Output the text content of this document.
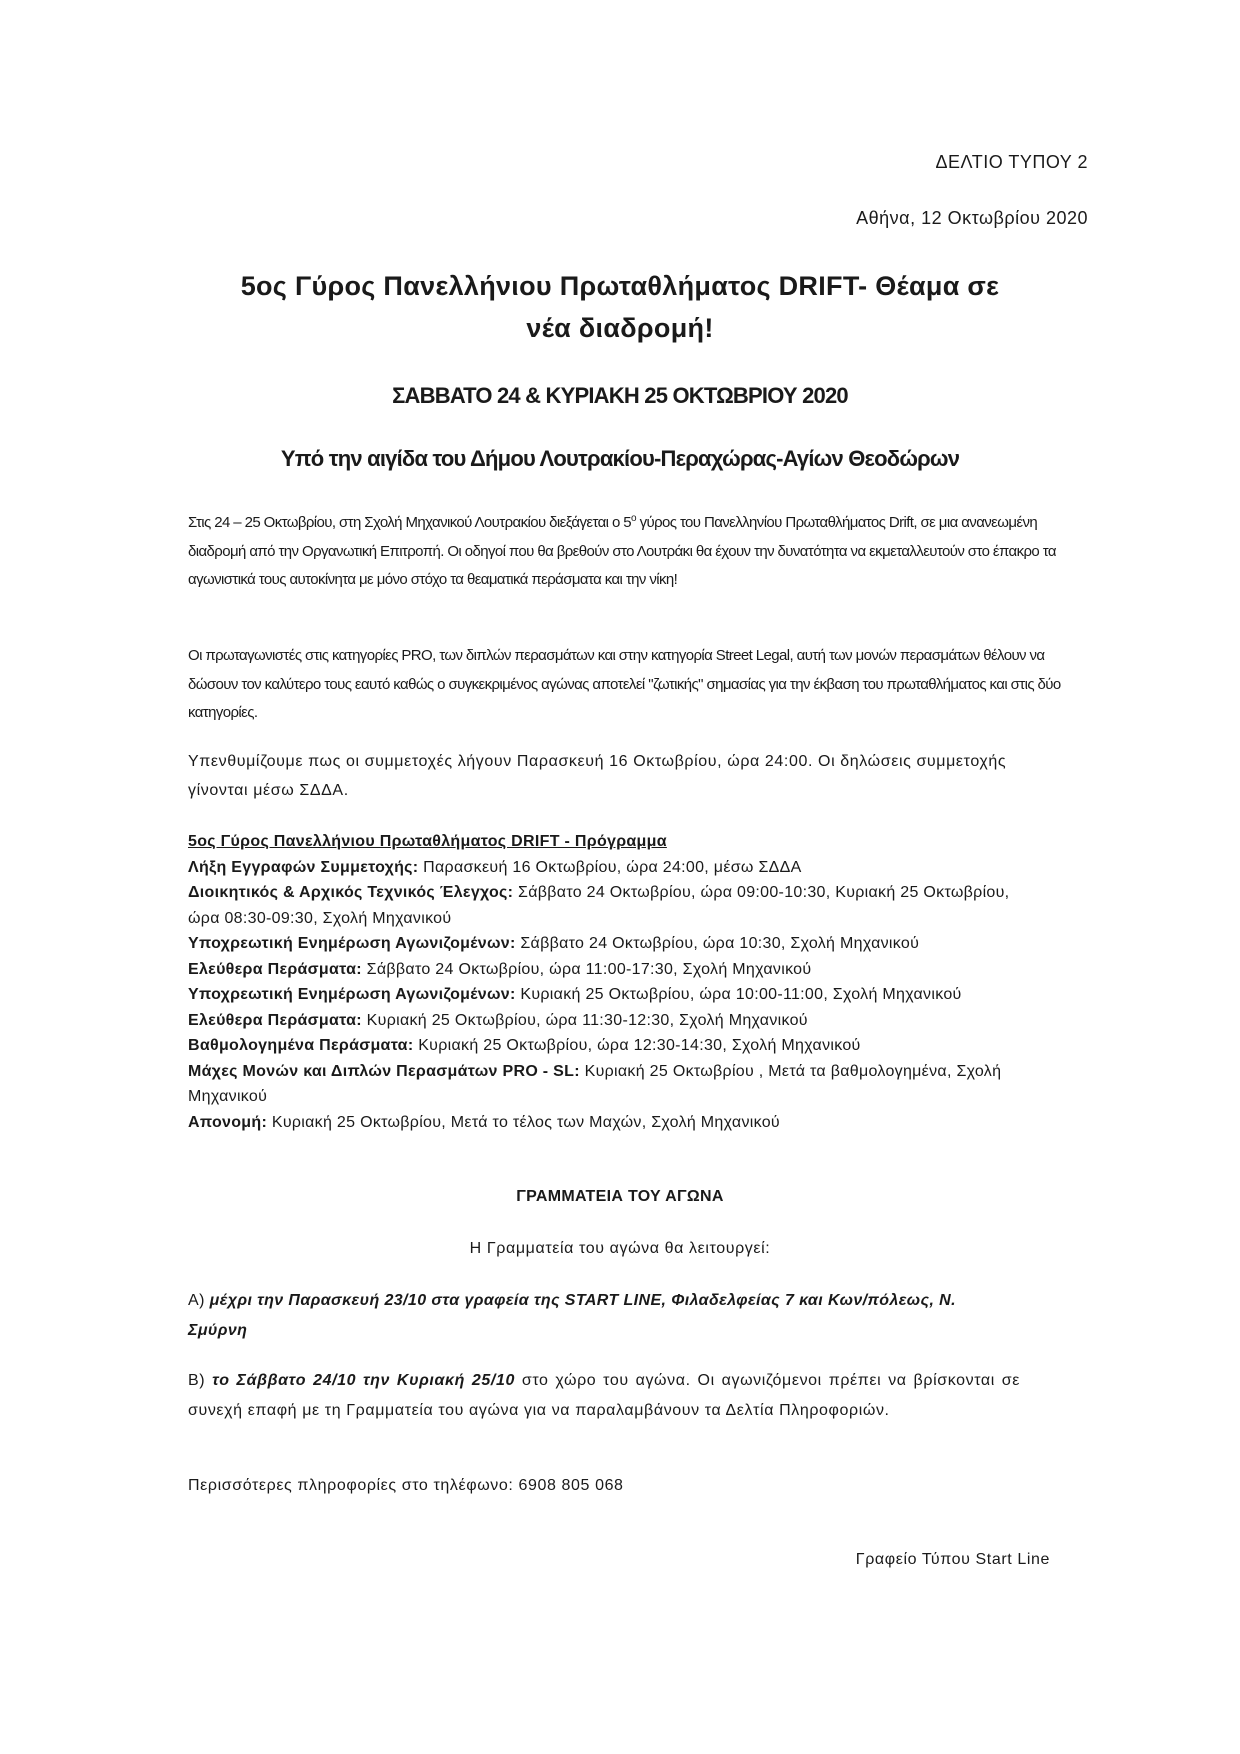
ΔΕΛΤΙΟ ΤΥΠΟΥ 2
Αθήνα, 12 Οκτωβρίου 2020
5ος Γύρος Πανελλήνιου Πρωταθλήματος DRIFT- Θέαμα σε
νέα διαδρομή!
ΣΑΒΒΑΤΟ 24 & ΚΥΡΙΑΚΗ 25 ΟΚΤΩΒΡΙΟΥ 2020
Υπό την αιγίδα του Δήμου Λουτρακίου-Περαχώρας-Αγίων Θεοδώρων
Στις 24 – 25 Οκτωβρίου, στη Σχολή Μηχανικού Λουτρακίου διεξάγεται ο $5^o$ γύρος του Πανελληνίου Πρωταθλήματος Drift, σε μια ανανεωμένη διαδρομή από την Οργανωτική Επιτροπή. Οι οδηγοί που θα βρεθούν στο Λουτράκι θα έχουν την δυνατότητα να εκμεταλλευτούν στο έπακρο τα αγωνιστικά τους αυτοκίνητα με μόνο στόχο τα θεαματικά περάσματα και την νίκη!
Οι πρωταγωνιστές στις κατηγορίες PRO, των διπλών περασμάτων και στην κατηγορία Street Legal, αυτή των μονών περασμάτων θέλουν να δώσουν τον καλύτερο τους εαυτό καθώς ο συγκεκριμένος αγώνας αποτελεί "ζωτικής" σημασίας για την έκβαση του πρωταθλήματος και στις δύο κατηγορίες.
Υπενθυμίζουμε πως οι συμμετοχές λήγουν Παρασκευή 16 Οκτωβρίου, ώρα 24:00. Οι δηλώσεις συμμετοχής γίνονται μέσω ΣΔΔΑ.
5ος Γύρος Πανελλήνιου Πρωταθλήματος DRIFT - Πρόγραμμα
Λήξη Εγγραφών Συμμετοχής: Παρασκευή 16 Οκτωβρίου, ώρα 24:00, μέσω ΣΔΔΑ
Διοικητικός & Αρχικός Τεχνικός Έλεγχος: Σάββατο 24 Οκτωβρίου, ώρα 09:00-10:30, Κυριακή 25 Οκτωβρίου, ώρα 08:30-09:30, Σχολή Μηχανικού
Υποχρεωτική Ενημέρωση Αγωνιζομένων: Σάββατο 24 Οκτωβρίου, ώρα 10:30, Σχολή Μηχανικού
Ελεύθερα Περάσματα: Σάββατο 24 Οκτωβρίου, ώρα 11:00-17:30, Σχολή Μηχανικού
Υποχρεωτική Ενημέρωση Αγωνιζομένων: Κυριακή 25 Οκτωβρίου, ώρα 10:00-11:00, Σχολή Μηχανικού
Ελεύθερα Περάσματα: Κυριακή 25 Οκτωβρίου, ώρα 11:30-12:30, Σχολή Μηχανικού
Βαθμολογημένα Περάσματα: Κυριακή 25 Οκτωβρίου, ώρα 12:30-14:30, Σχολή Μηχανικού
Μάχες Μονών και Διπλών Περασμάτων PRO - SL: Κυριακή 25 Οκτωβρίου , Μετά τα βαθμολογημένα, Σχολή Μηχανικού
Απονομή: Κυριακή 25 Οκτωβρίου, Μετά το τέλος των Μαχών, Σχολή Μηχανικού
ΓΡΑΜΜΑΤΕΙΑ ΤΟΥ ΑΓΩΝΑ
Η Γραμματεία του αγώνα θα λειτουργεί:
Α) μέχρι την Παρασκευή 23/10 στα γραφεία της START LINE, Φιλαδελφείας 7 και Κων/πόλεως, Ν. Σμύρνη
Β) το Σάββατο 24/10 την Κυριακή 25/10 στο χώρο του αγώνα. Οι αγωνιζόμενοι πρέπει να βρίσκονται σε συνεχή επαφή με τη Γραμματεία του αγώνα για να παραλαμβάνουν τα Δελτία Πληροφοριών.
Περισσότερες πληροφορίες στο τηλέφωνο: 6908 805 068
Γραφείο Τύπου Start Line
